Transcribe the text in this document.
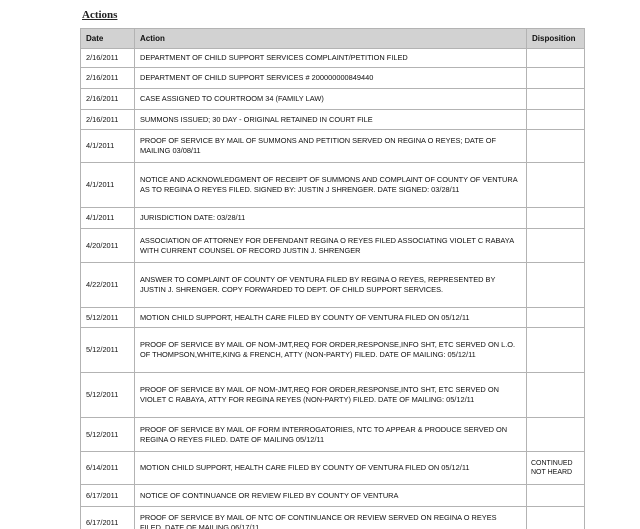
Actions
Date	Action	Disposition
2/16/2011	DEPARTMENT OF CHILD SUPPORT SERVICES COMPLAINT/PETITION FILED	
2/16/2011	DEPARTMENT OF CHILD SUPPORT SERVICES # 200000000849440	
2/16/2011	CASE ASSIGNED TO COURTROOM 34 (FAMILY LAW)	
2/16/2011	SUMMONS ISSUED; 30 DAY - ORIGINAL RETAINED IN COURT FILE	
4/1/2011	PROOF OF SERVICE BY MAIL OF SUMMONS AND PETITION SERVED ON REGINA O REYES; DATE OF MAILING 03/08/11	
4/1/2011	NOTICE AND ACKNOWLEDGMENT OF RECEIPT OF SUMMONS AND COMPLAINT OF COUNTY OF VENTURA AS TO REGINA O REYES FILED. SIGNED BY: JUSTIN J SHRENGER. DATE SIGNED: 03/28/11	
4/1/2011	JURISDICTION DATE: 03/28/11	
4/20/2011	ASSOCIATION OF ATTORNEY FOR DEFENDANT REGINA O REYES FILED ASSOCIATING VIOLET C RABAYA WITH CURRENT COUNSEL OF RECORD JUSTIN J. SHRENGER	
4/22/2011	ANSWER TO COMPLAINT OF COUNTY OF VENTURA FILED BY REGINA O REYES, REPRESENTED BY JUSTIN J. SHRENGER. COPY FORWARDED TO DEPT. OF CHILD SUPPORT SERVICES.	
5/12/2011	MOTION CHILD SUPPORT, HEALTH CARE FILED BY COUNTY OF VENTURA FILED ON 05/12/11	
5/12/2011	PROOF OF SERVICE BY MAIL OF NOM-JMT,REQ FOR ORDER,RESPONSE,INFO SHT, ETC SERVED ON L.O. OF THOMPSON,WHITE,KING & FRENCH, ATTY (NON-PARTY) FILED. DATE OF MAILING: 05/12/11	
5/12/2011	PROOF OF SERVICE BY MAIL OF NOM-JMT,REQ FOR ORDER,RESPONSE,INTO SHT, ETC SERVED ON VIOLET C RABAYA, ATTY FOR REGINA REYES (NON-PARTY) FILED. DATE OF MAILING: 05/12/11	
5/12/2011	PROOF OF SERVICE BY MAIL OF FORM INTERROGATORIES, NTC TO APPEAR & PRODUCE SERVED ON REGINA O REYES FILED. DATE OF MAILING 05/12/11	
6/14/2011	MOTION CHILD SUPPORT, HEALTH CARE FILED BY COUNTY OF VENTURA FILED ON 05/12/11	CONTINUED NOT HEARD
6/17/2011	NOTICE OF CONTINUANCE OR REVIEW FILED BY COUNTY OF VENTURA	
6/17/2011	PROOF OF SERVICE BY MAIL OF NTC OF CONTINUANCE OR REVIEW SERVED ON REGINA O REYES FILED. DATE OF MAILING 06/17/11	
